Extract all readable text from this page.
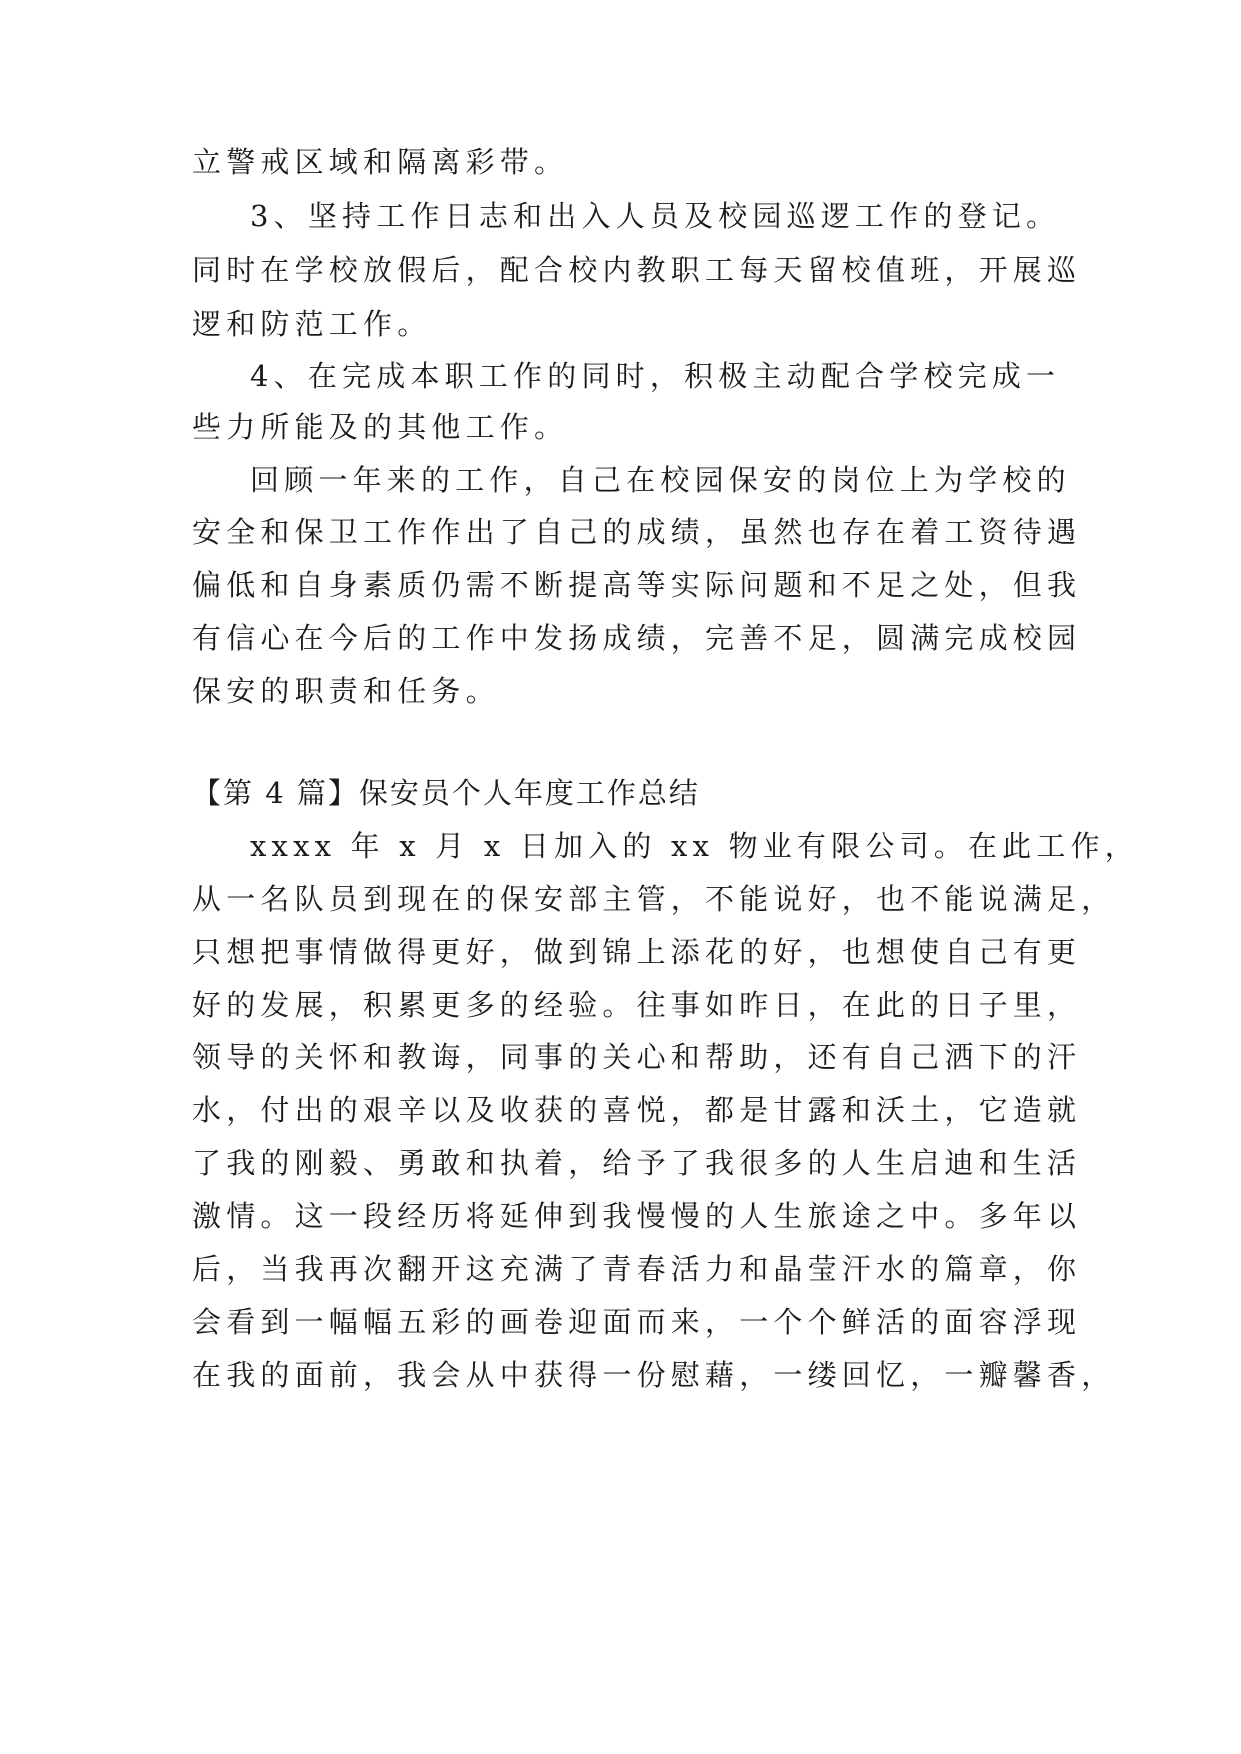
立警戒区域和隔离彩带。
3、坚持工作日志和出入人员及校园巡逻工作的登记。
同时在学校放假后，配合校内教职工每天留校值班，开展巡
逻和防范工作。
4、在完成本职工作的同时，积极主动配合学校完成一
些力所能及的其他工作。
回顾一年来的工作，自己在校园保安的岗位上为学校的
安全和保卫工作作出了自己的成绩，虽然也存在着工资待遇
偏低和自身素质仍需不断提高等实际问题和不足之处，但我
有信心在今后的工作中发扬成绩，完善不足，圆满完成校园
保安的职责和任务。
【第 4 篇】保安员个人年度工作总结
xxxx 年 x 月 x 日加入的 xx 物业有限公司。在此工作，
从一名队员到现在的保安部主管，不能说好，也不能说满足，
只想把事情做得更好，做到锦上添花的好，也想使自己有更
好的发展，积累更多的经验。往事如昨日，在此的日子里，
领导的关怀和教诲，同事的关心和帮助，还有自己洒下的汗
水，付出的艰辛以及收获的喜悦，都是甘露和沃土，它造就
了我的刚毅、勇敢和执着，给予了我很多的人生启迪和生活
激情。这一段经历将延伸到我慢慢的人生旅途之中。多年以
后，当我再次翻开这充满了青春活力和晶莹汗水的篇章，你
会看到一幅幅五彩的画卷迎面而来，一个个鲜活的面容浮现
在我的面前，我会从中获得一份慰藉，一缕回忆，一瓣馨香，
